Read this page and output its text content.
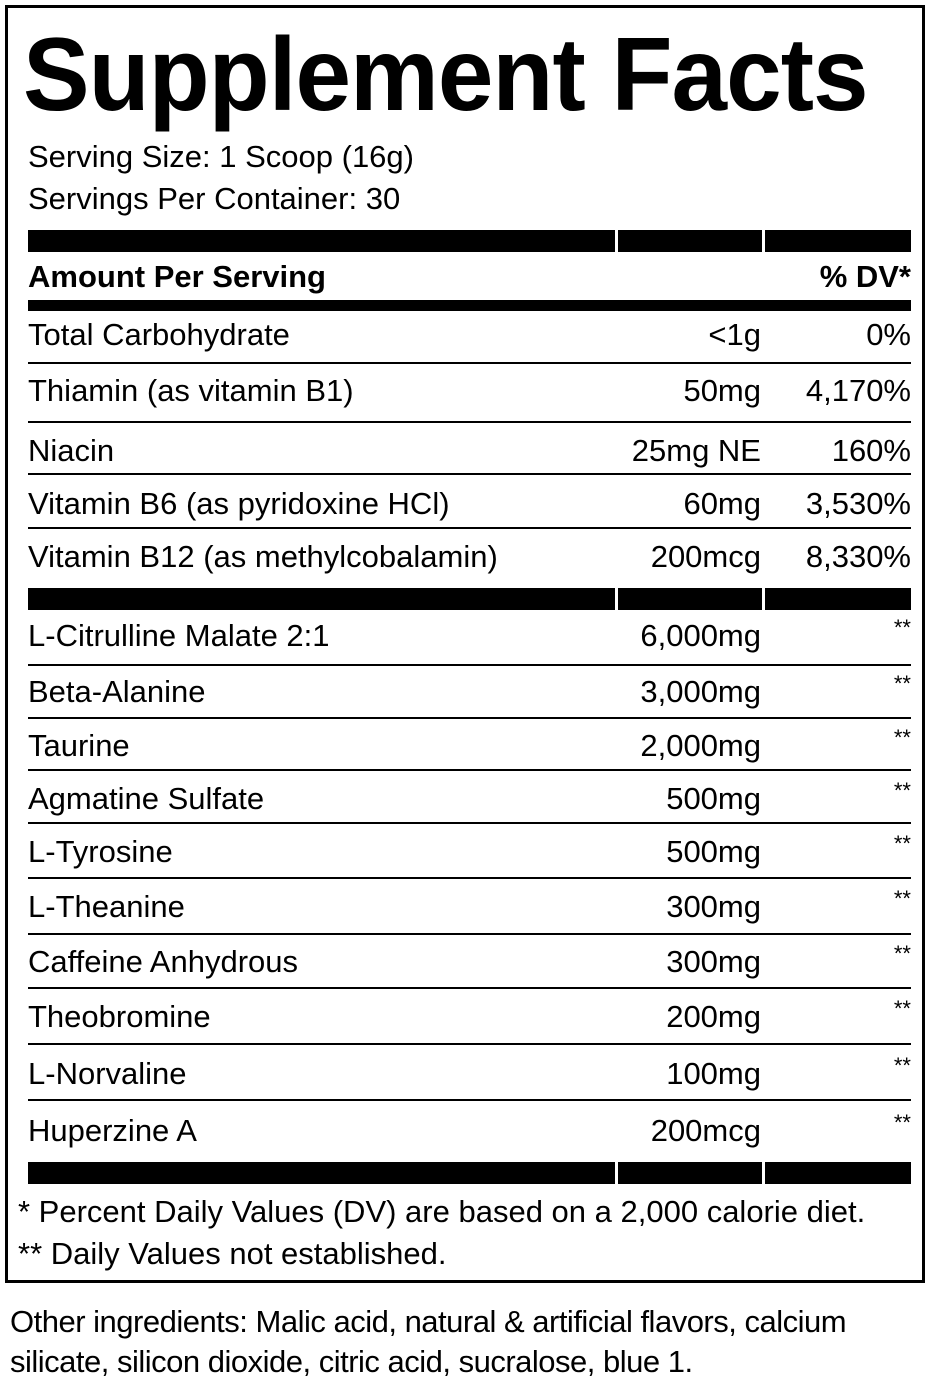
Supplement Facts
Serving Size: 1 Scoop (16g)
Servings Per Container: 30
Amount Per Serving	% DV*
Total Carbohydrate	<1g	0%
Thiamin (as vitamin B1)	50mg 4,170%
Niacin	25mg NE 160%
Vitamin B6 (as pyridoxine HCl)	60mg 3,530%
Vitamin B12 (as methylcobalamin)	200mcg 8,330%
L-Citrulline Malate 2:1	6,000mg	**
Beta-Alanine	3,000mg	**
Taurine	2,000mg	**
Agmatine Sulfate	500mg	**
L-Tyrosine	500mg	**
L-Theanine	300mg	**
Caffeine Anhydrous	300mg	**
Theobromine	200mg	**
L-Norvaline	100mg	**
Huperzine A	200mcg	**
* Percent Daily Values (DV) are based on a 2,000 calorie diet.
** Daily Values not established.
Other ingredients: Malic acid, natural & artificial flavors, calcium silicate, silicon dioxide, citric acid, sucralose, blue 1.
